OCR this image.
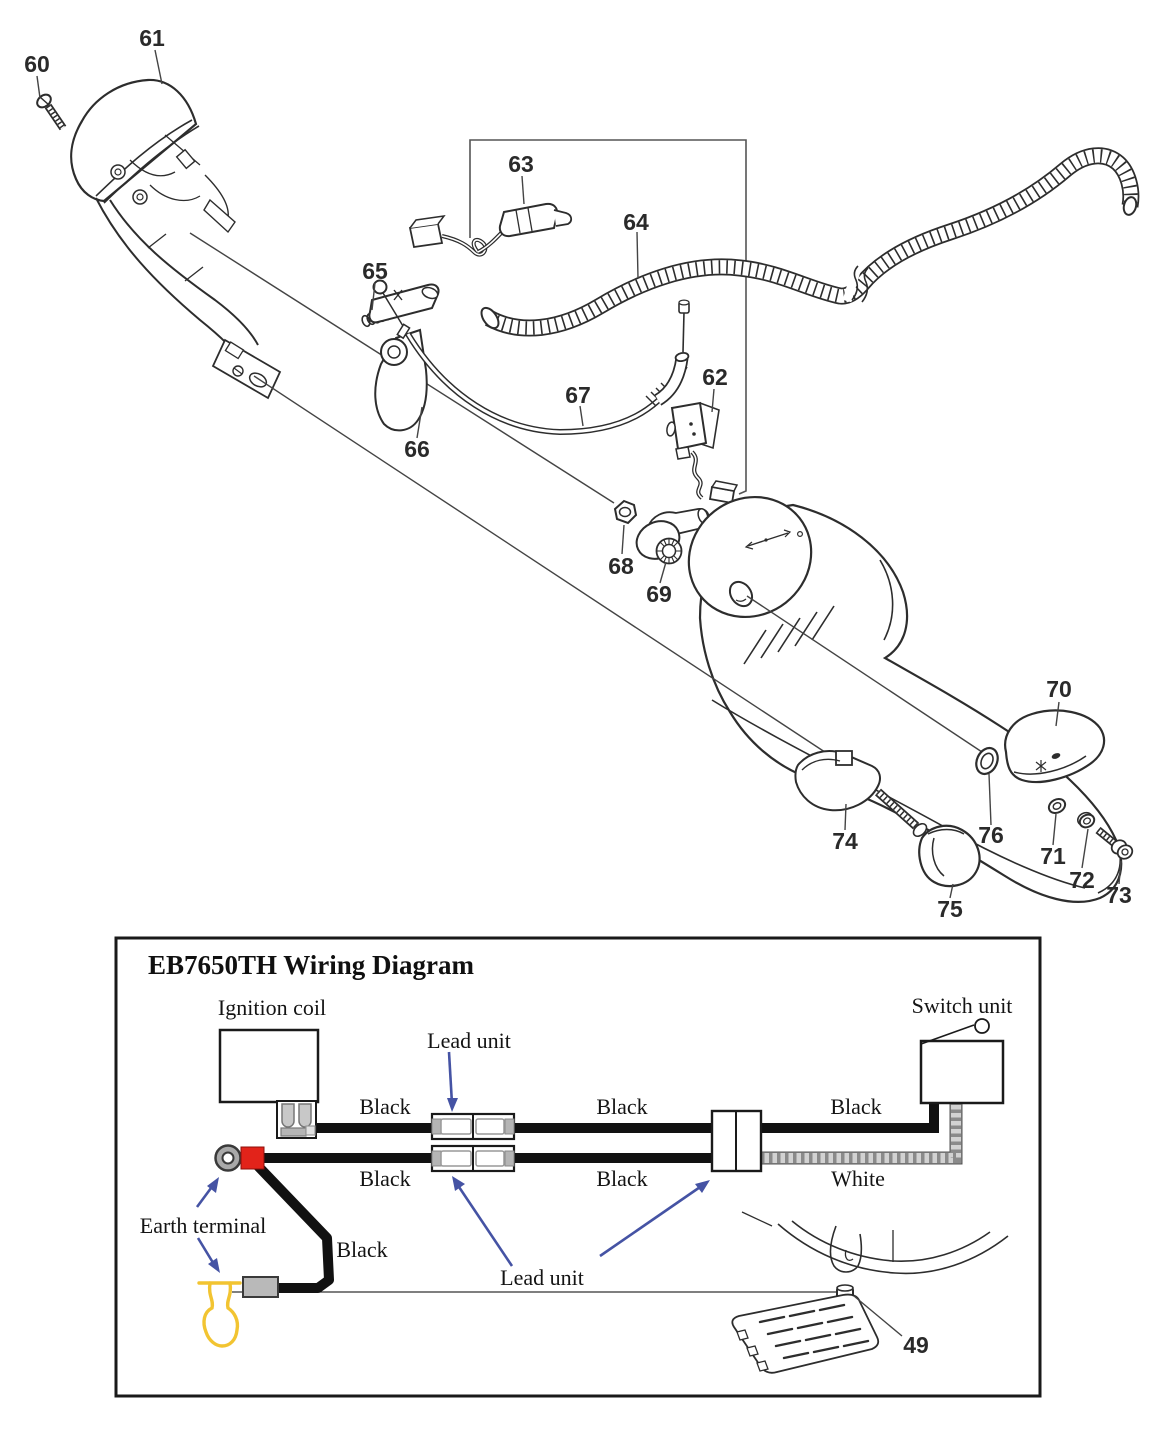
60
61
63
64
65
66
67
62
68
69
70
71
72
73
74
75
76
EB7650TH Wiring Diagram
49
Ignition coil	Switch unit
Lead unit
Lead unit
Earth terminal
Black	Black	Black
Black	Black	White
Black
